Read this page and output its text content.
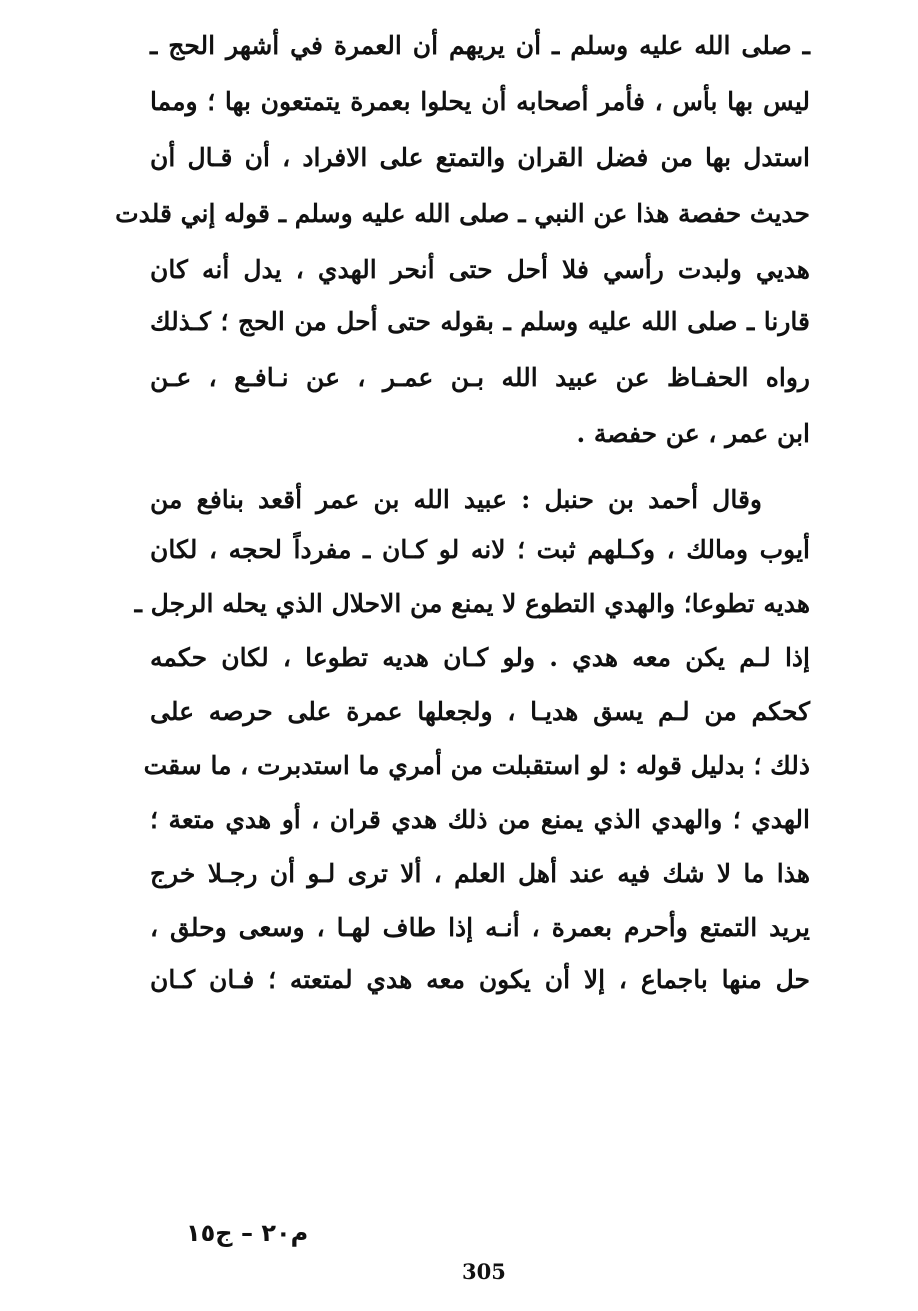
ـ صلى الله عليه وسلم ـ أن يريهم أن العمرة في أشهر الحج ـ
ليس بها بأس ، فأمر أصحابه أن يحلوا بعمرة يتمتعون بها ؛ ومما
استدل بها من فضل القران والتمتع على الافراد ، أن قـال أن
حديث حفصة هذا عن النبي ـ صلى الله عليه وسلم ـ قوله إني قلدت
هديي ولبدت رأسي فلا أحل حتى أنحر الهدي ، يدل أنه كان
قارنا ـ صلى الله عليه وسلم ـ بقوله حتى أحل من الحج ؛ كـذلك
رواه الحفـاظ عن عبيد الله بـن عمـر ، عن نـافـع ، عـن
ابن عمر ، عن حفصة .
وقال أحمد بن حنبل : عبيد الله بن عمر أقعد بنافع من
أيوب ومالك ، وكـلهم ثبت ؛ لانه لو كـان ـ مفرداً لحجه ، لكان
هديه تطوعا؛ والهدي التطوع لا يمنع من الاحلال الذي يحله الرجل ـ
إذا لـم يكن معه هدي . ولو كـان هديه تطوعا ، لكان حكمه
كحكم من لـم يسق هديـا ، ولجعلها عمرة على حرصه على
ذلك ؛ بدليل قوله : لو استقبلت من أمري ما استدبرت ، ما سقت
الهدي ؛ والهدي الذي يمنع من ذلك هدي قران ، أو هدي متعة ؛
هذا ما لا شك فيه عند أهل العلم ، ألا ترى لـو أن رجـلا خرج
يريد التمتع وأحرم بعمرة ، أنـه إذا طاف لهـا ، وسعى وحلق ،
حل منها باجماع ، إلا أن يكون معه هدي لمتعته ؛ فـان كـان
م٢٠ – ج١٥
305
